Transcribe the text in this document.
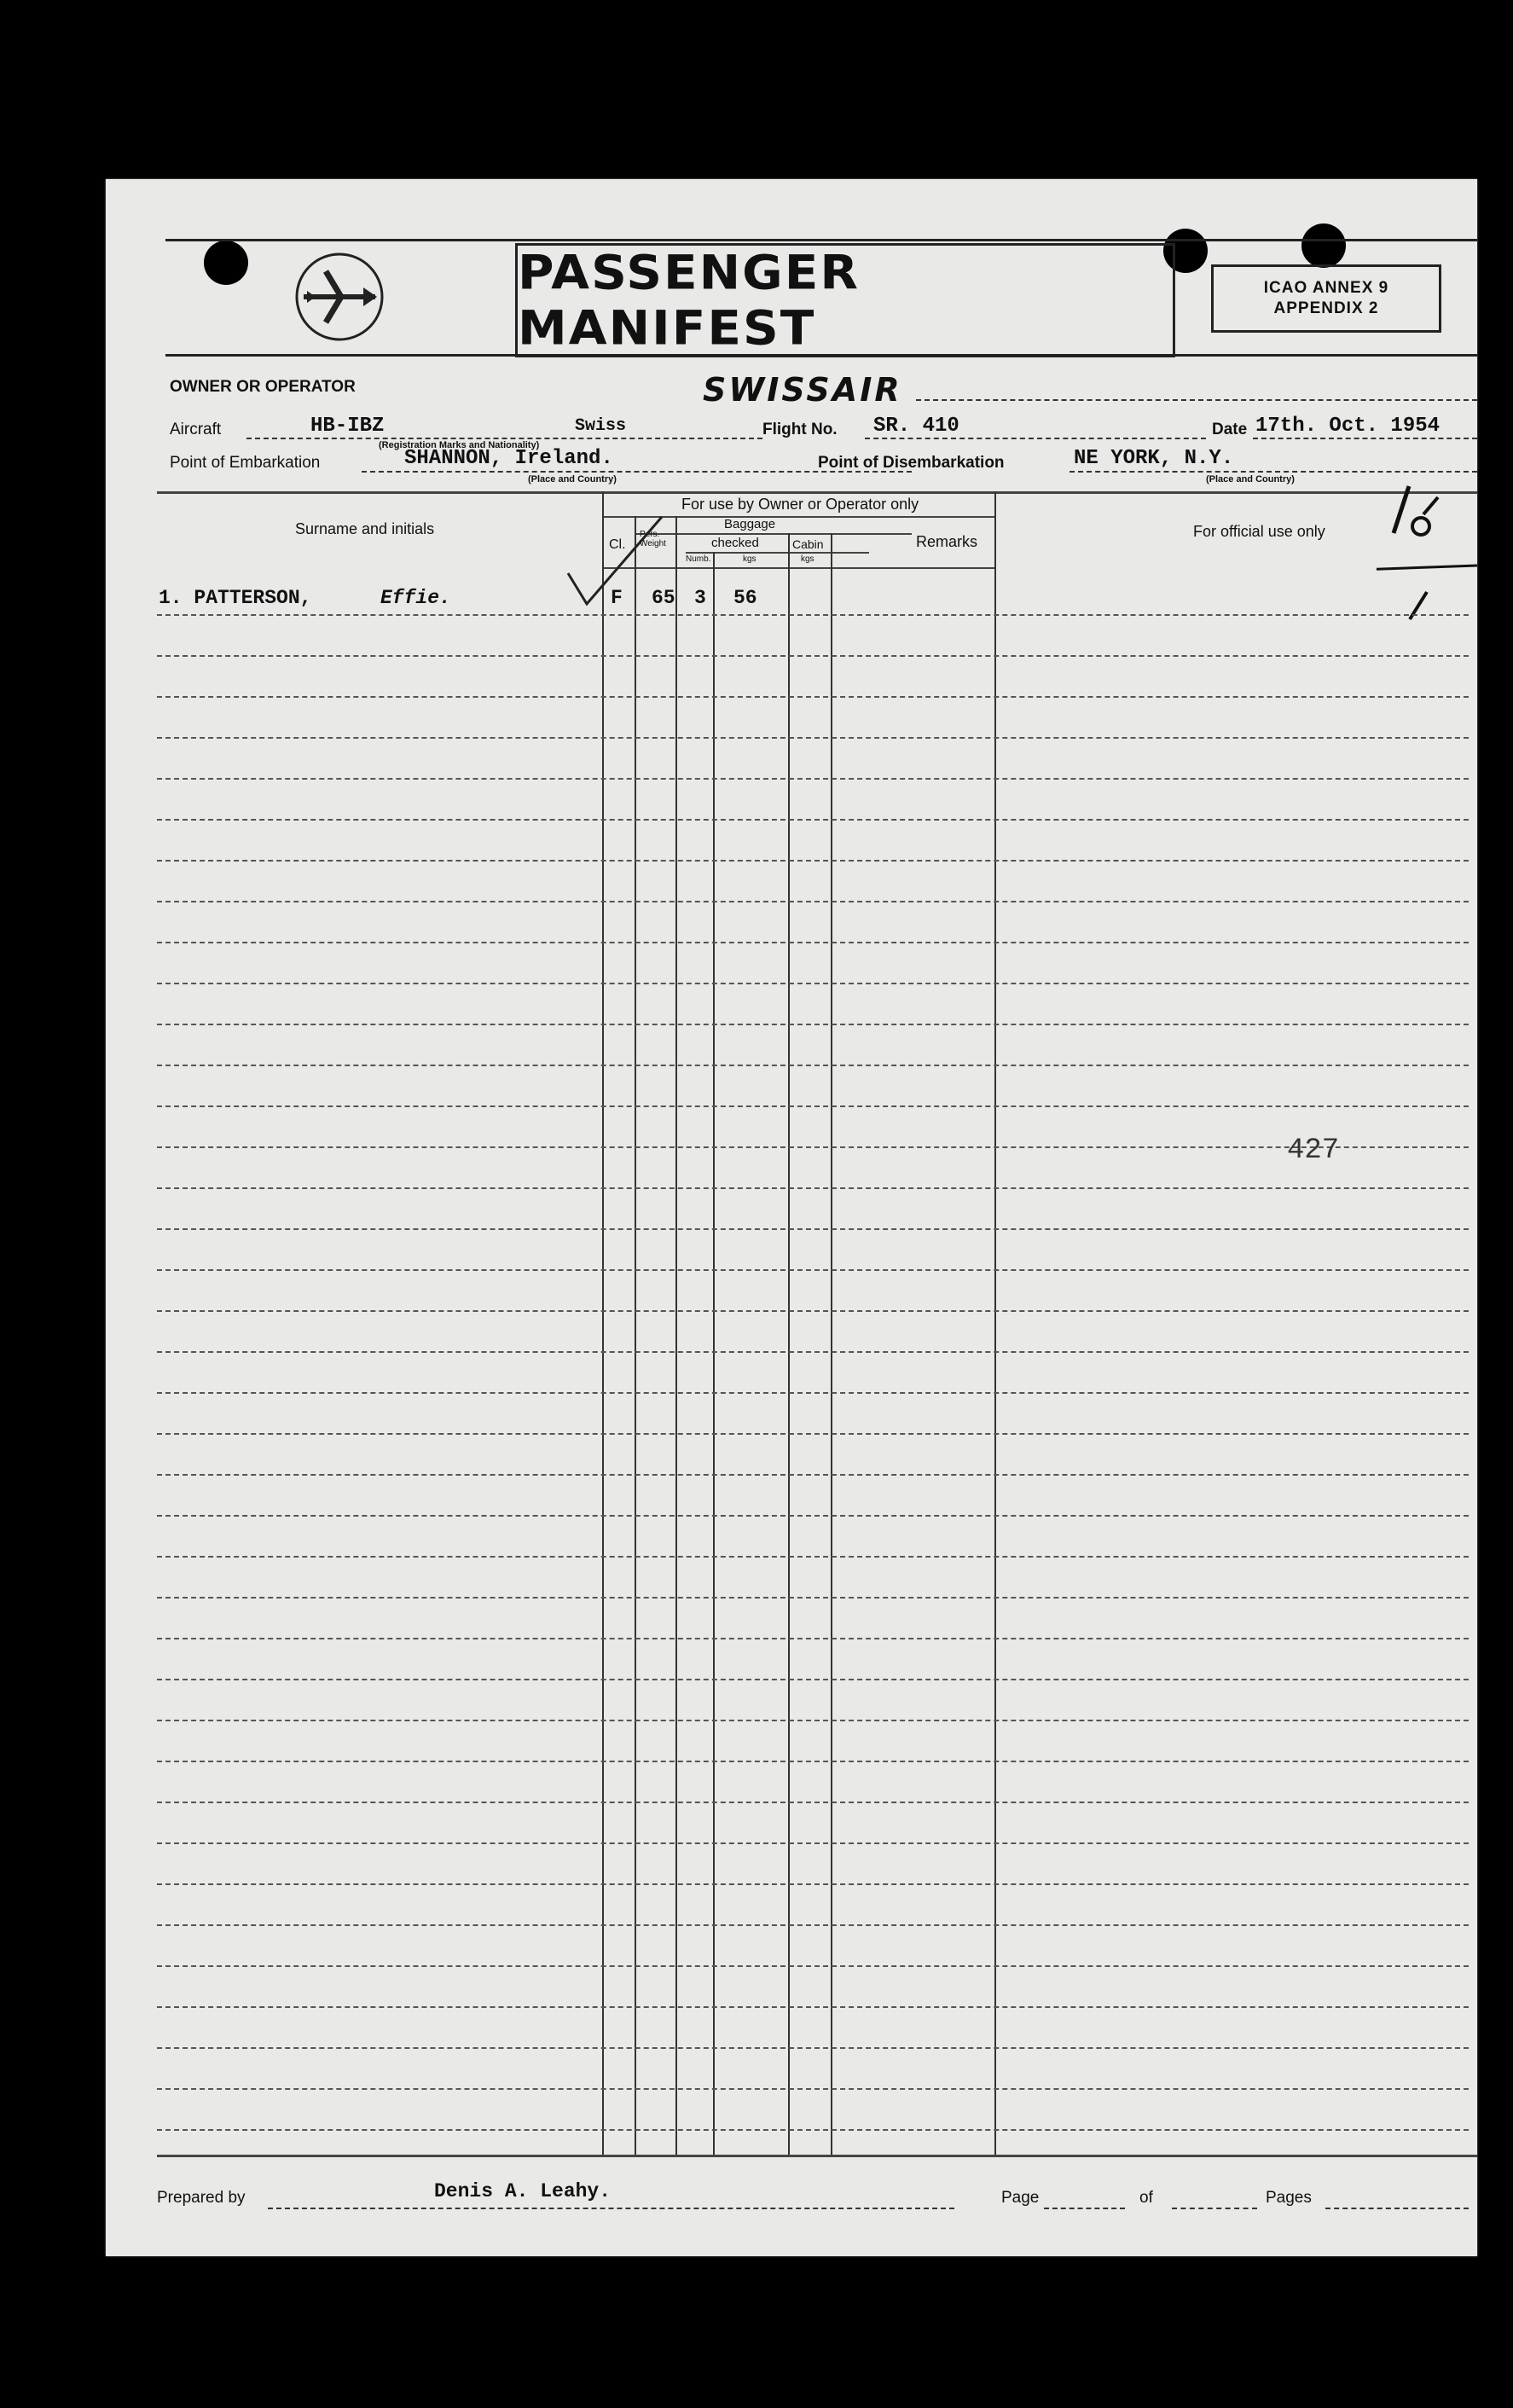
PASSENGER MANIFEST
ICAO ANNEX 9
APPENDIX 2
OWNER OR OPERATOR	SWISSAIR
Aircraft	HB-IBZ	Swiss
(Registration Marks and Nationality)
Flight No. SR. 410	Date 17th. Oct. 1954
Point of Embarkation	SHANNON, Ireland.
(Place and Country)
Point of Disembarkation	NE YORK, N.Y.
(Place and Country)
Surname and initials
For use by Owner or Operator only
Cl.
Pers. Weight
Baggage
checked	Cabin
Numb.	kgs	kgs
Remarks
For official use only
1. PATTERSON,	Effie.	F 65 3 56
427
Prepared by	Denis A. Leahy.	Page	of	Pages
